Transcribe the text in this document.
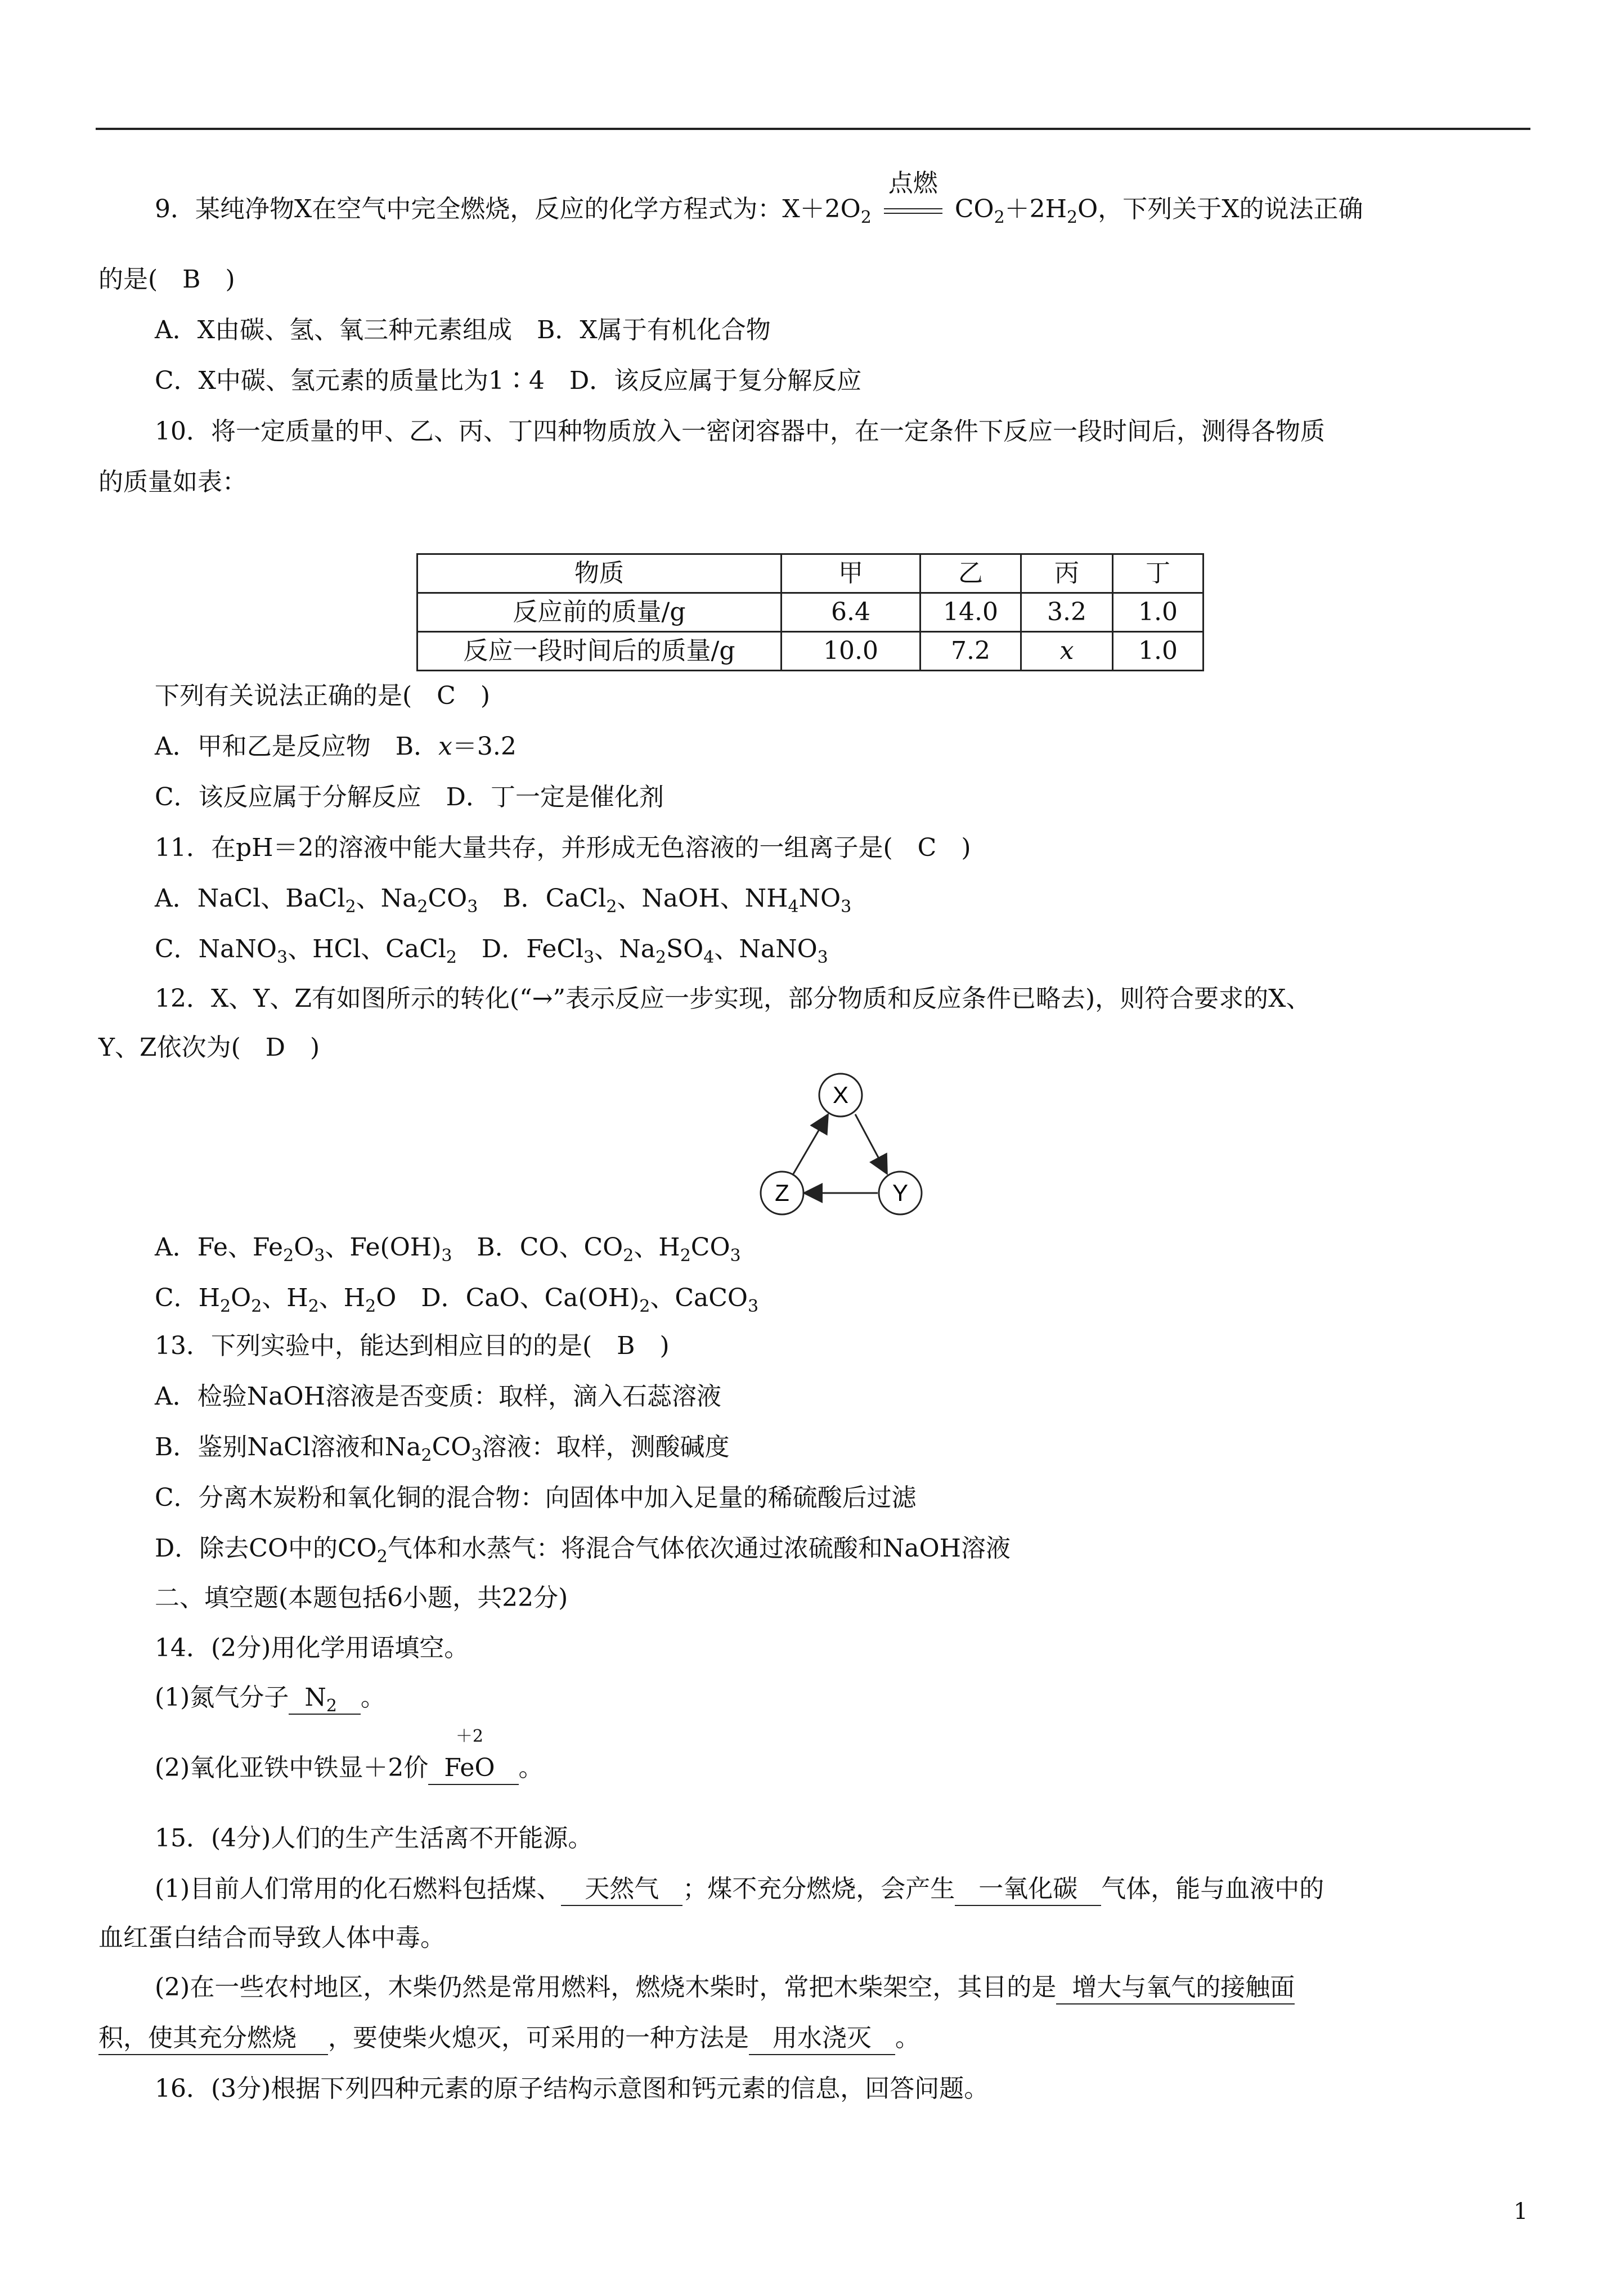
9．某纯净物X在空气中完全燃烧，反应的化学方程式为：$X+2O_2$
点燃
$CO_2+2H_2O$，下列关于X的说法正确
的是(　B　)
A．X由碳、氢、氧三种元素组成　B．X属于有机化合物
C．X中碳、氢元素的质量比为1∶4　D．该反应属于复分解反应
10．将一定质量的甲、乙、丙、丁四种物质放入一密闭容器中，在一定条件下反应一段时间后，测得各物质
的质量如表：
物质	甲	乙	丙	丁
反应前的质量/g	6.4	14.0	3.2	1.0
反应一段时间后的质量/g	10.0	7.2	x	1.0
下列有关说法正确的是(　C　)
A．甲和乙是反应物　B．x＝3.2
C．该反应属于分解反应　D．丁一定是催化剂
11．在pH＝2的溶液中能大量共存，并形成无色溶液的一组离子是(　C　)
A．NaCl、BaCl$_2$、$Na_2CO_3$　B．CaCl$_2$、NaOH、$NH_4NO_3$
C．NaNO$_3$、HCl、CaCl$_2$　D．FeCl$_3$、$Na_2SO_4$、NaNO$_3$
12．X、Y、Z有如图所示的转化(“→”表示反应一步实现，部分物质和反应条件已略去)，则符合要求的X、
Y、Z依次为(　D　)
X
Y
Z
A．Fe、$Fe_2O_3$、$Fe(OH)_3$　B．CO、$CO_2$、$H_2CO_3$
C．$H_2O_2$、$H_2$、$H_2O$　D．CaO、$Ca(OH)_2$、CaCO$_3$
13．下列实验中，能达到相应目的的是(　B　)
A．检验NaOH溶液是否变质：取样，滴入石蕊溶液
B．鉴别NaCl溶液和$Na_2CO_3$溶液：取样，测酸碱度
C．分离木炭粉和氧化铜的混合物：向固体中加入足量的稀硫酸后过滤
D．除去CO中的$CO_2$气体和水蒸气：将混合气体依次通过浓硫酸和NaOH溶液
二、填空题(本题包括6小题，共22分)
14．(2分)用化学用语填空。
(1)氮气分子 $N_2$ 。
(2)氧化亚铁中铁显＋2价
＋2
FeO 。
15．(4分)人们的生产生活离不开能源。
(1)目前人们常用的化石燃料包括煤、 天然气 ；煤不充分燃烧，会产生 一氧化碳 气体，能与血液中的
血红蛋白结合而导致人体中毒。
(2)在一些农村地区，木柴仍然是常用燃料，燃烧木柴时，常把木柴架空，其目的是 增大与氧气的接触面
积，使其充分燃烧 ，要使柴火熄灭，可采用的一种方法是 用水浇灭 。
16．(3分)根据下列四种元素的原子结构示意图和钙元素的信息，回答问题。
1
